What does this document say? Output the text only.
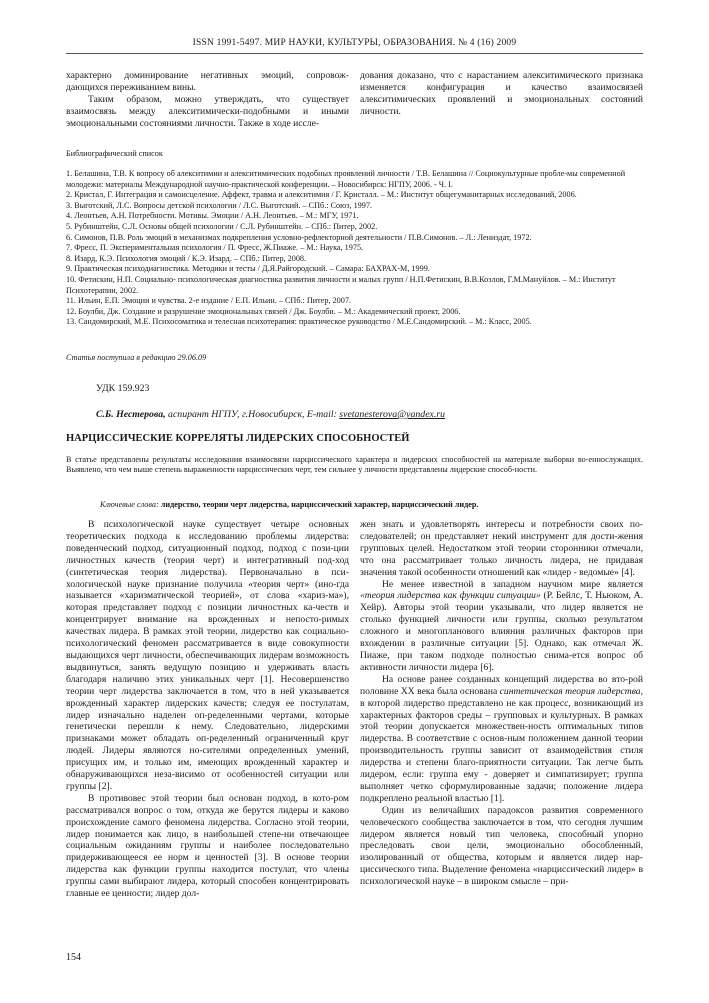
ISSN 1991-5497. МИР НАУКИ, КУЛЬТУРЫ, ОБРАЗОВАНИЯ. № 4 (16) 2009

характерно доминирование негативных эмоций, сопровож-дающихся переживанием вины.

Таким образом, можно утверждать, что существует взаимосвязь между алекситимически-подобными и иными эмоциональными состояниями личности. Также в ходе иссле-

дования доказано, что с нарастанием алекситимического признака изменяется конфигурация и качество взаимосвязей алекситимических проявлений и эмоциональных состояний личности.

Библиографический список
1. Белашина, Т.В. К вопросу об алекситимии и алекситимических подобных проявлений личности / Т.В. Белашина // Социокультурные пробле-мы современной молодежи: материалы Международной научно-практической конференции. – Новосибирск: НГПУ, 2006. - Ч. I.
2. Кристал, Г. Интеграция и самоисцеление. Аффект, травма и алекситимия / Г. Кристалл. – М.: Институт общегуманитарных исследований, 2006.
3. Выготский, Л.С. Вопросы детской психологии / Л.С. Выготский. – СПб.: Союз, 1997.
4. Леонтьев, А.Н. Потребности. Мотивы. Эмоции / А.Н. Леонтьев. – М.: МГУ, 1971.
5. Рубинштейн, С.Л. Основы общей психологии / С.Л. Рубинштейн. – СПб.: Питер, 2002.
6. Симонов, П.В. Роль эмоций в механизмах подкрепления условно-рефлекторной деятельности / П.В.Симонов. – Л.: Лениздат, 1972.
7. Фресс, П. Экспериментальная психология / П. Фресс, Ж.Пиаже. – М.: Наука, 1975.
8. Изард, К.Э. Психология эмоций / К.Э. Изард. – СПб.: Питер, 2008.
9. Практическая психодиагностика. Методики и тесты / Д.Я.Райгородский. – Самара: БАХРАХ-М, 1999.
10. Фетискин, Н.П. Социально- психологическая диагностика развития личности и малых групп / Н.П.Фетискин, В.В.Козлов, Г.М.Мануйлов. – М.: Институт Психотерапии, 2002.
11. Ильин, Е.П. Эмоции и чувства. 2-е издание / Е.П. Ильин. – СПб.: Питер, 2007.
12. Боулби, Дж. Создание и разрушение эмоциональных связей / Дж. Боулби. – М.: Академический проект, 2006.
13. Сандомирский, М.Е. Психосоматика и телесная психотерапия: практическое руководство / М.Е.Сандомирский. – М.: Класс, 2005.
Статья поступила в редакцию 29.06.09
УДК 159.923
С.Б. Нестерова, аспирант НГПУ, г.Новосибирск, E-mail: svetanesterova@yandex.ru
НАРЦИССИЧЕСКИЕ КОРРЕЛЯТЫ ЛИДЕРСКИХ СПОСОБНОСТЕЙ
В статье представлены результаты исследования взаимосвязи нарциссического характера и лидерских способностей на материале выборки во-еннослужащих. Выявлено, что чем выше степень выраженности нарциссических черт, тем сильнее у личности представлены лидерские способ-ности.
Ключевые слова: лидерство, теории черт лидерства, нарциссический характер, нарциссический лидер.

В психологической науке существует четыре основных теоретических подхода к исследованию проблемы лидерства: поведенческий подход, ситуационный подход, подход с пози-ции личностных качеств (теория черт) и интегративный под-ход (синтетическая теория лидерства). Первоначально в пси-хологической науке признание получила «теория черт» (ино-гда называется «харизматической теорией», от слова «хариз-ма»), которая представляет подход с позиции личностных ка-честв и концентрирует внимание на врожденных и непосто-римых качествах лидера. В рамках этой теории, лидерство как социально-психологический феномен рассматривается в виде совокупности выдающихся черт личности, обеспечивающих лидерам возможность выдвинуться, занять ведущую позицию и удерживать власть благодаря наличию этих уникальных черт [1]. Несовершенство теории черт лидерства заключается в том, что в ней указывается врожденный характер лидерских качеств; следуя ее постулатам, лидер изначально наделен оп-ределенными чертами, которые генетически перешли к нему. Следовательно, лидерскими признаками может обладать оп-ределенный ограниченный круг людей. Лидеры являются но-сителями определенных умений, присущих им, и только им, имеющих врожденный характер и обнаруживающихся неза-висимо от особенностей ситуации или группы [2].

В противовес этой теории был основан подход, в кото-ром рассматривался вопрос о том, откуда же берутся лидеры и каково происхождение самого феномена лидерства. Согласно этой теории, лидер понимается как лицо, в наибольшей степе-ни отвечающее социальным ожиданиям группы и наиболее последовательно придерживающееся ее норм и ценностей [3]. В основе теории лидерства как функции группы находится постулат, что члены группы сами выбирают лидера, который способен концентрировать главные ее ценности; лидер дол-

жен знать и удовлетворять интересы и потребности своих по-следователей; он представляет некий инструмент для дости-жения групповых целей. Недостатком этой теории сторонники отмечали, что она рассматривает только личность лидера, не придавая значения такой особенности отношений как «лидер - ведомые» [4].

Не менее известной в западном научном мире является «теория лидерства как функции ситуации» (Р. Бейлс, Т. Ньюком, А. Хейр). Авторы этой теории указывали, что лидер является не столько функцией личности или группы, сколько результатом сложного и многопланового влияния различных факторов при вхождении в различные ситуации [5]. Однако, как отмечал Ж. Пиаже, при таком подходе полностью снима-ется вопрос об активности личности лидера [6].

На основе ранее созданных концепций лидерства во вто-рой половине XX века была основана синтетическая теория лидерства, в которой лидерство представлено не как процесс, возникающий из характерных факторов среды – групповых и культурных. В рамках этой теории допускается множествен-ность оптимальных типов лидерства. В соответствие с основ-ным положением данной теории производительность группы зависит от взаимодействия стиля лидерства и степени благо-приятности ситуации. Так легче быть лидером, если: группа ему - доверяет и симпатизирует; группа выполняет четко сформулированные задачи; положение лидера подкреплено реальной властью [1].

Один из величайших парадоксов развития современного человеческого сообщества заключается в том, что сегодня лучшим лидером является новый тип человека, способный упорно преследовать свои цели, эмоционально обособленный, изолированный от общества, которым и является лидер нар-циссического типа. Выделение феномена «нарциссический лидер» в психологической науке – в широком смысле – при-

154
